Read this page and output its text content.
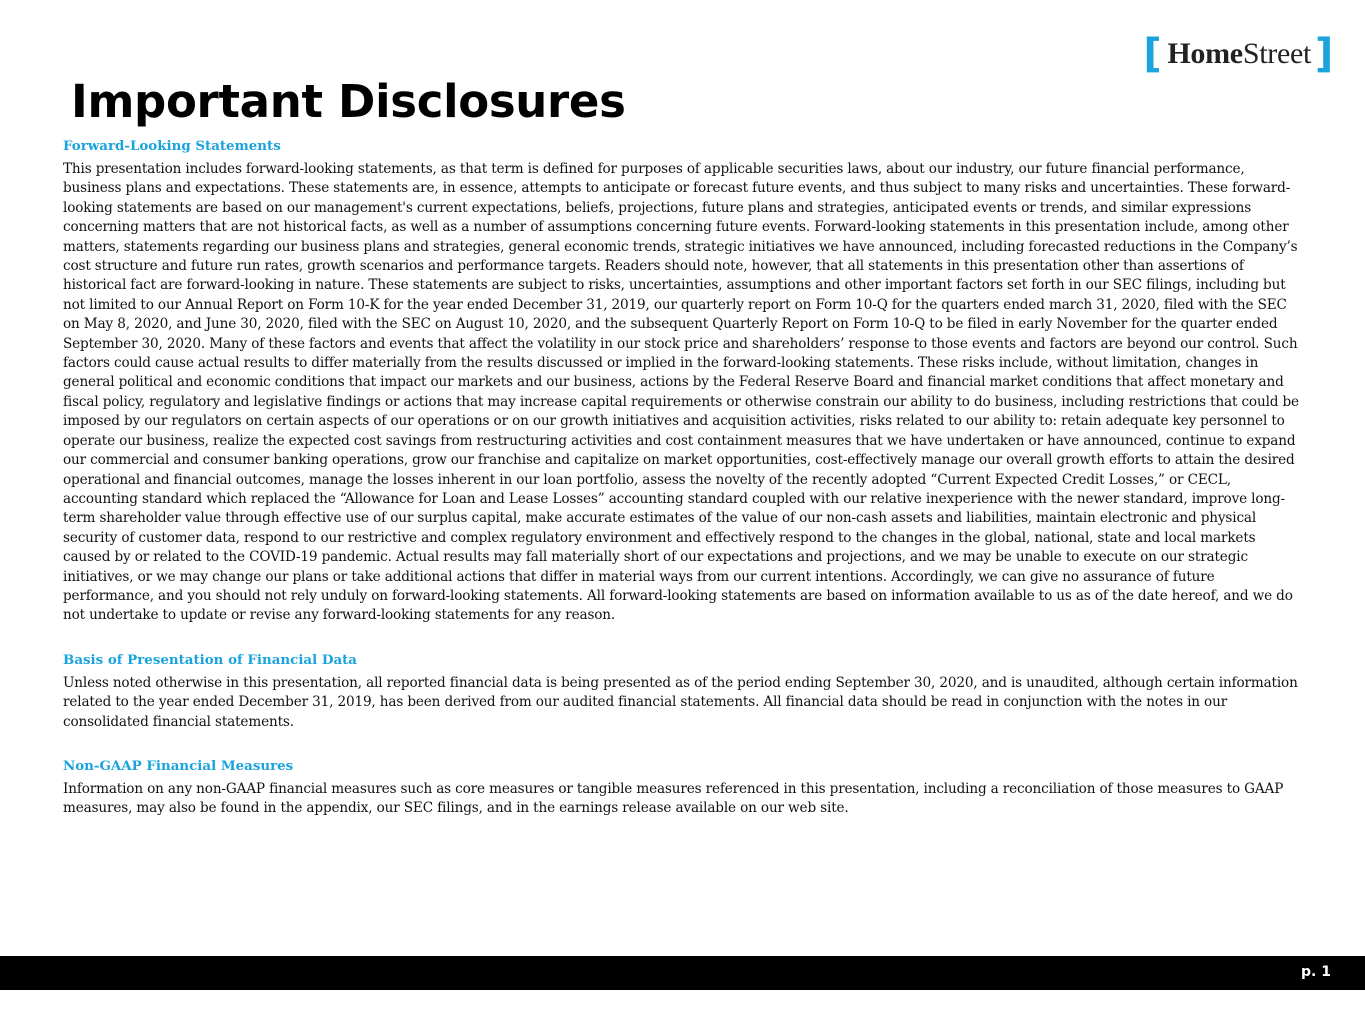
[ Home Street ]
Important Disclosures
Forward-Looking Statements

This presentation includes forward-looking statements, as that term is defined for purposes of applicable securities laws, about our industry, our future financial performance, business plans and expectations. These statements are, in essence, attempts to anticipate or forecast future events, and thus subject to many risks and uncertainties. These forward-looking statements are based on our management's current expectations, beliefs, projections, future plans and strategies, anticipated events or trends, and similar expressions concerning matters that are not historical facts, as well as a number of assumptions concerning future events. Forward-looking statements in this presentation include, among other matters, statements regarding our business plans and strategies, general economic trends, strategic initiatives we have announced, including forecasted reductions in the Company’s cost structure and future run rates, growth scenarios and performance targets. Readers should note, however, that all statements in this presentation other than assertions of historical fact are forward-looking in nature. These statements are subject to risks, uncertainties, assumptions and other important factors set forth in our SEC filings, including but not limited to our Annual Report on Form 10-K for the year ended December 31, 2019, our quarterly report on Form 10-Q for the quarters ended march 31, 2020, filed with the SEC on May 8, 2020, and June 30, 2020, filed with the SEC on August 10, 2020, and the subsequent Quarterly Report on Form 10-Q to be filed in early November for the quarter ended September 30, 2020. Many of these factors and events that affect the volatility in our stock price and shareholders’ response to those events and factors are beyond our control. Such factors could cause actual results to differ materially from the results discussed or implied in the forward-looking statements. These risks include, without limitation, changes in general political and economic conditions that impact our markets and our business, actions by the Federal Reserve Board and financial market conditions that affect monetary and fiscal policy, regulatory and legislative findings or actions that may increase capital requirements or otherwise constrain our ability to do business, including restrictions that could be imposed by our regulators on certain aspects of our operations or on our growth initiatives and acquisition activities, risks related to our ability to: retain adequate key personnel to operate our business, realize the expected cost savings from restructuring activities and cost containment measures that we have undertaken or have announced, continue to expand our commercial and consumer banking operations, grow our franchise and capitalize on market opportunities, cost-effectively manage our overall growth efforts to attain the desired operational and financial outcomes, manage the losses inherent in our loan portfolio, assess the novelty of the recently adopted “Current Expected Credit Losses,” or CECL, accounting standard which replaced the “Allowance for Loan and Lease Losses” accounting standard coupled with our relative inexperience with the newer standard, improve long-term shareholder value through effective use of our surplus capital, make accurate estimates of the value of our non-cash assets and liabilities, maintain electronic and physical security of customer data, respond to our restrictive and complex regulatory environment and effectively respond to the changes in the global, national, state and local markets caused by or related to the COVID-19 pandemic. Actual results may fall materially short of our expectations and projections, and we may be unable to execute on our strategic initiatives, or we may change our plans or take additional actions that differ in material ways from our current intentions. Accordingly, we can give no assurance of future performance, and you should not rely unduly on forward-looking statements. All forward-looking statements are based on information available to us as of the date hereof, and we do not undertake to update or revise any forward-looking statements for any reason.

Basis of Presentation of Financial Data

Unless noted otherwise in this presentation, all reported financial data is being presented as of the period ending September 30, 2020, and is unaudited, although certain information related to the year ended December 31, 2019, has been derived from our audited financial statements. All financial data should be read in conjunction with the notes in our consolidated financial statements.

Non-GAAP Financial Measures

Information on any non-GAAP financial measures such as core measures or tangible measures referenced in this presentation, including a reconciliation of those measures to GAAP measures, may also be found in the appendix, our SEC filings, and in the earnings release available on our web site.

p. 1
